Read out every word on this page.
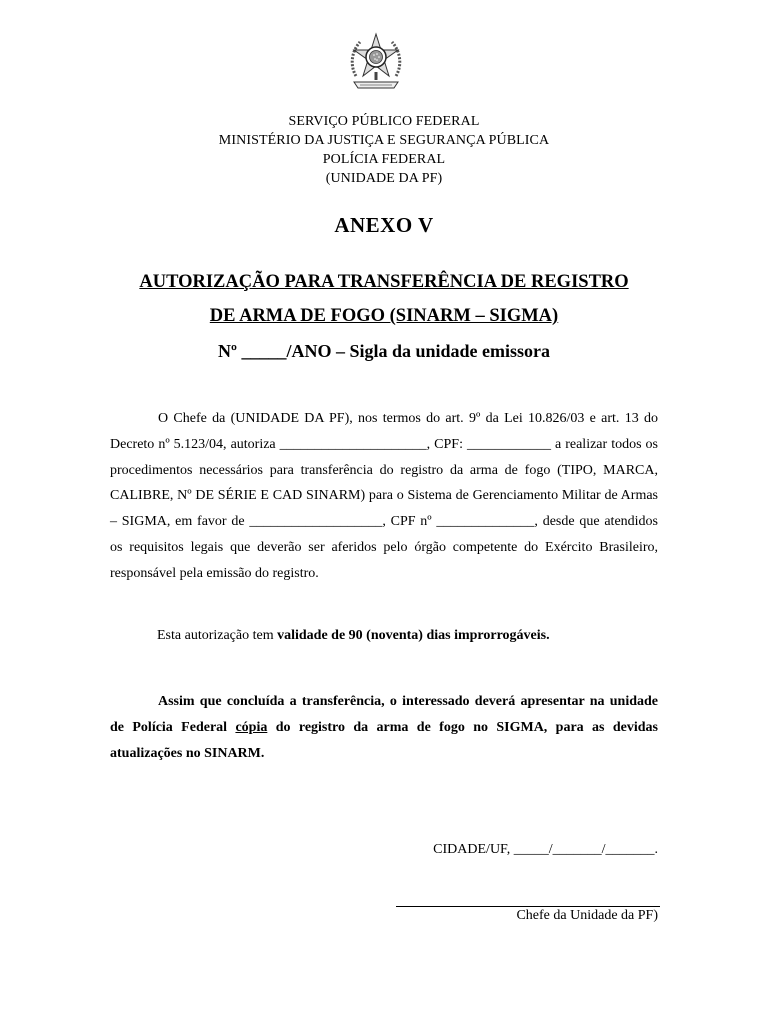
SERVIÇO PÚBLICO FEDERAL
MINISTÉRIO DA JUSTIÇA E SEGURANÇA PÚBLICA
POLÍCIA FEDERAL
(UNIDADE DA PF)
ANEXO V
AUTORIZAÇÃO PARA TRANSFERÊNCIA DE REGISTRO
DE ARMA DE FOGO (SINARM – SIGMA)
Nº _____/ANO – Sigla da unidade emissora

O Chefe da (UNIDADE DA PF), nos termos do art. 9º da Lei 10.826/03 e art. 13 do Decreto nº 5.123/04, autoriza _____________________, CPF: ____________ a realizar todos os procedimentos necessários para transferência do registro da arma de fogo (TIPO, MARCA, CALIBRE, Nº DE SÉRIE E CAD SINARM) para o Sistema de Gerenciamento Militar de Armas – SIGMA, em favor de ___________________, CPF nº ______________, desde que atendidos os requisitos legais que deverão ser aferidos pelo órgão competente do Exército Brasileiro, responsável pela emissão do registro.

Esta autorização tem validade de 90 (noventa) dias improrrogáveis.

Assim que concluída a transferência, o interessado deverá apresentar na unidade de Polícia Federal cópia do registro da arma de fogo no SIGMA, para as devidas atualizações no SINARM.

CIDADE/UF, _____/_______/_______.
Chefe da Unidade da PF)
